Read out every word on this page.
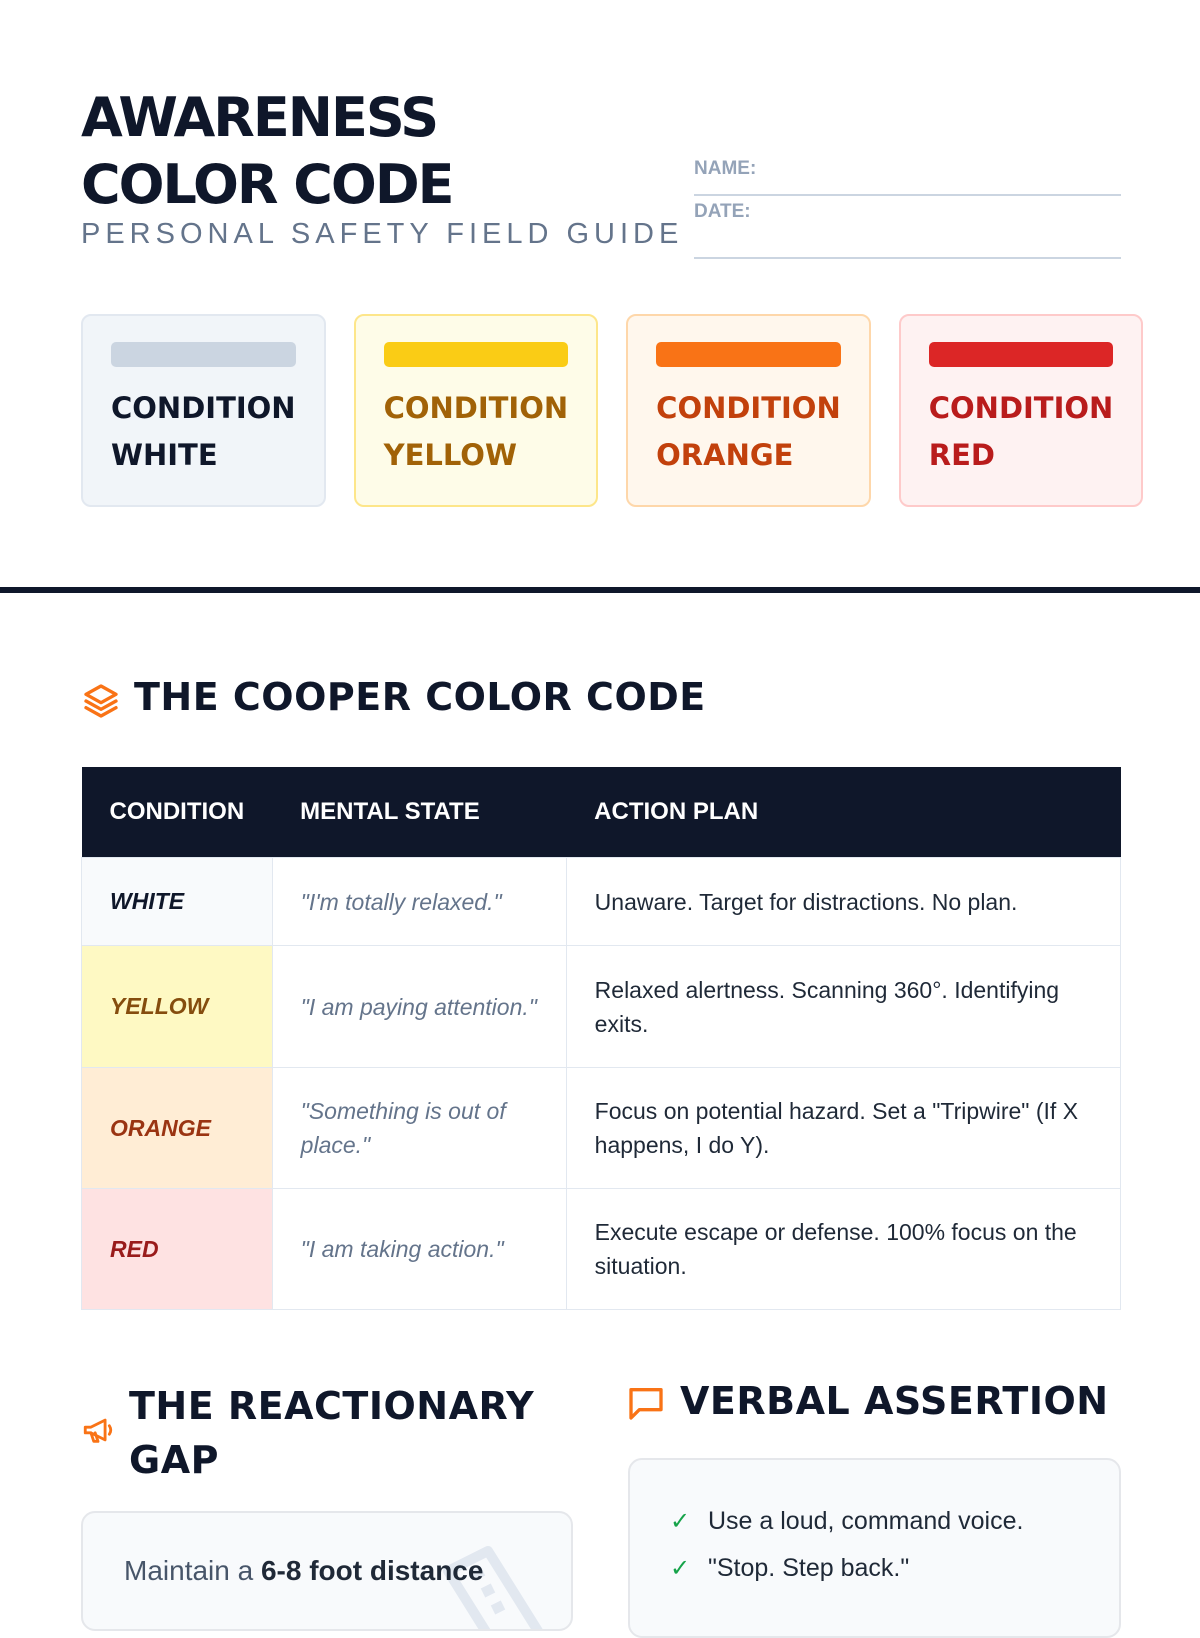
AWARENESS
COLOR CODE
PERSONAL SAFETY FIELD GUIDE
NAME:
DATE:
CONDITION
WHITE
CONDITION
YELLOW
CONDITION
ORANGE
CONDITION
RED
THE COOPER COLOR CODE
CONDITION	MENTAL STATE	ACTION PLAN
WHITE	"I'm totally relaxed."	Unaware. Target for distractions. No plan.
YELLOW	"I am paying attention."	Relaxed alertness. Scanning 360°. Identifying exits.
ORANGE	"Something is out of place."	Focus on potential hazard. Set a "Tripwire" (If X happens, I do Y).
RED	"I am taking action."	Execute escape or defense. 100% focus on the situation.
THE REACTIONARY
GAP
Maintain a 6-8 foot distance
VERBAL ASSERTION
✓ Use a loud, command voice.
✓ "Stop. Step back."
